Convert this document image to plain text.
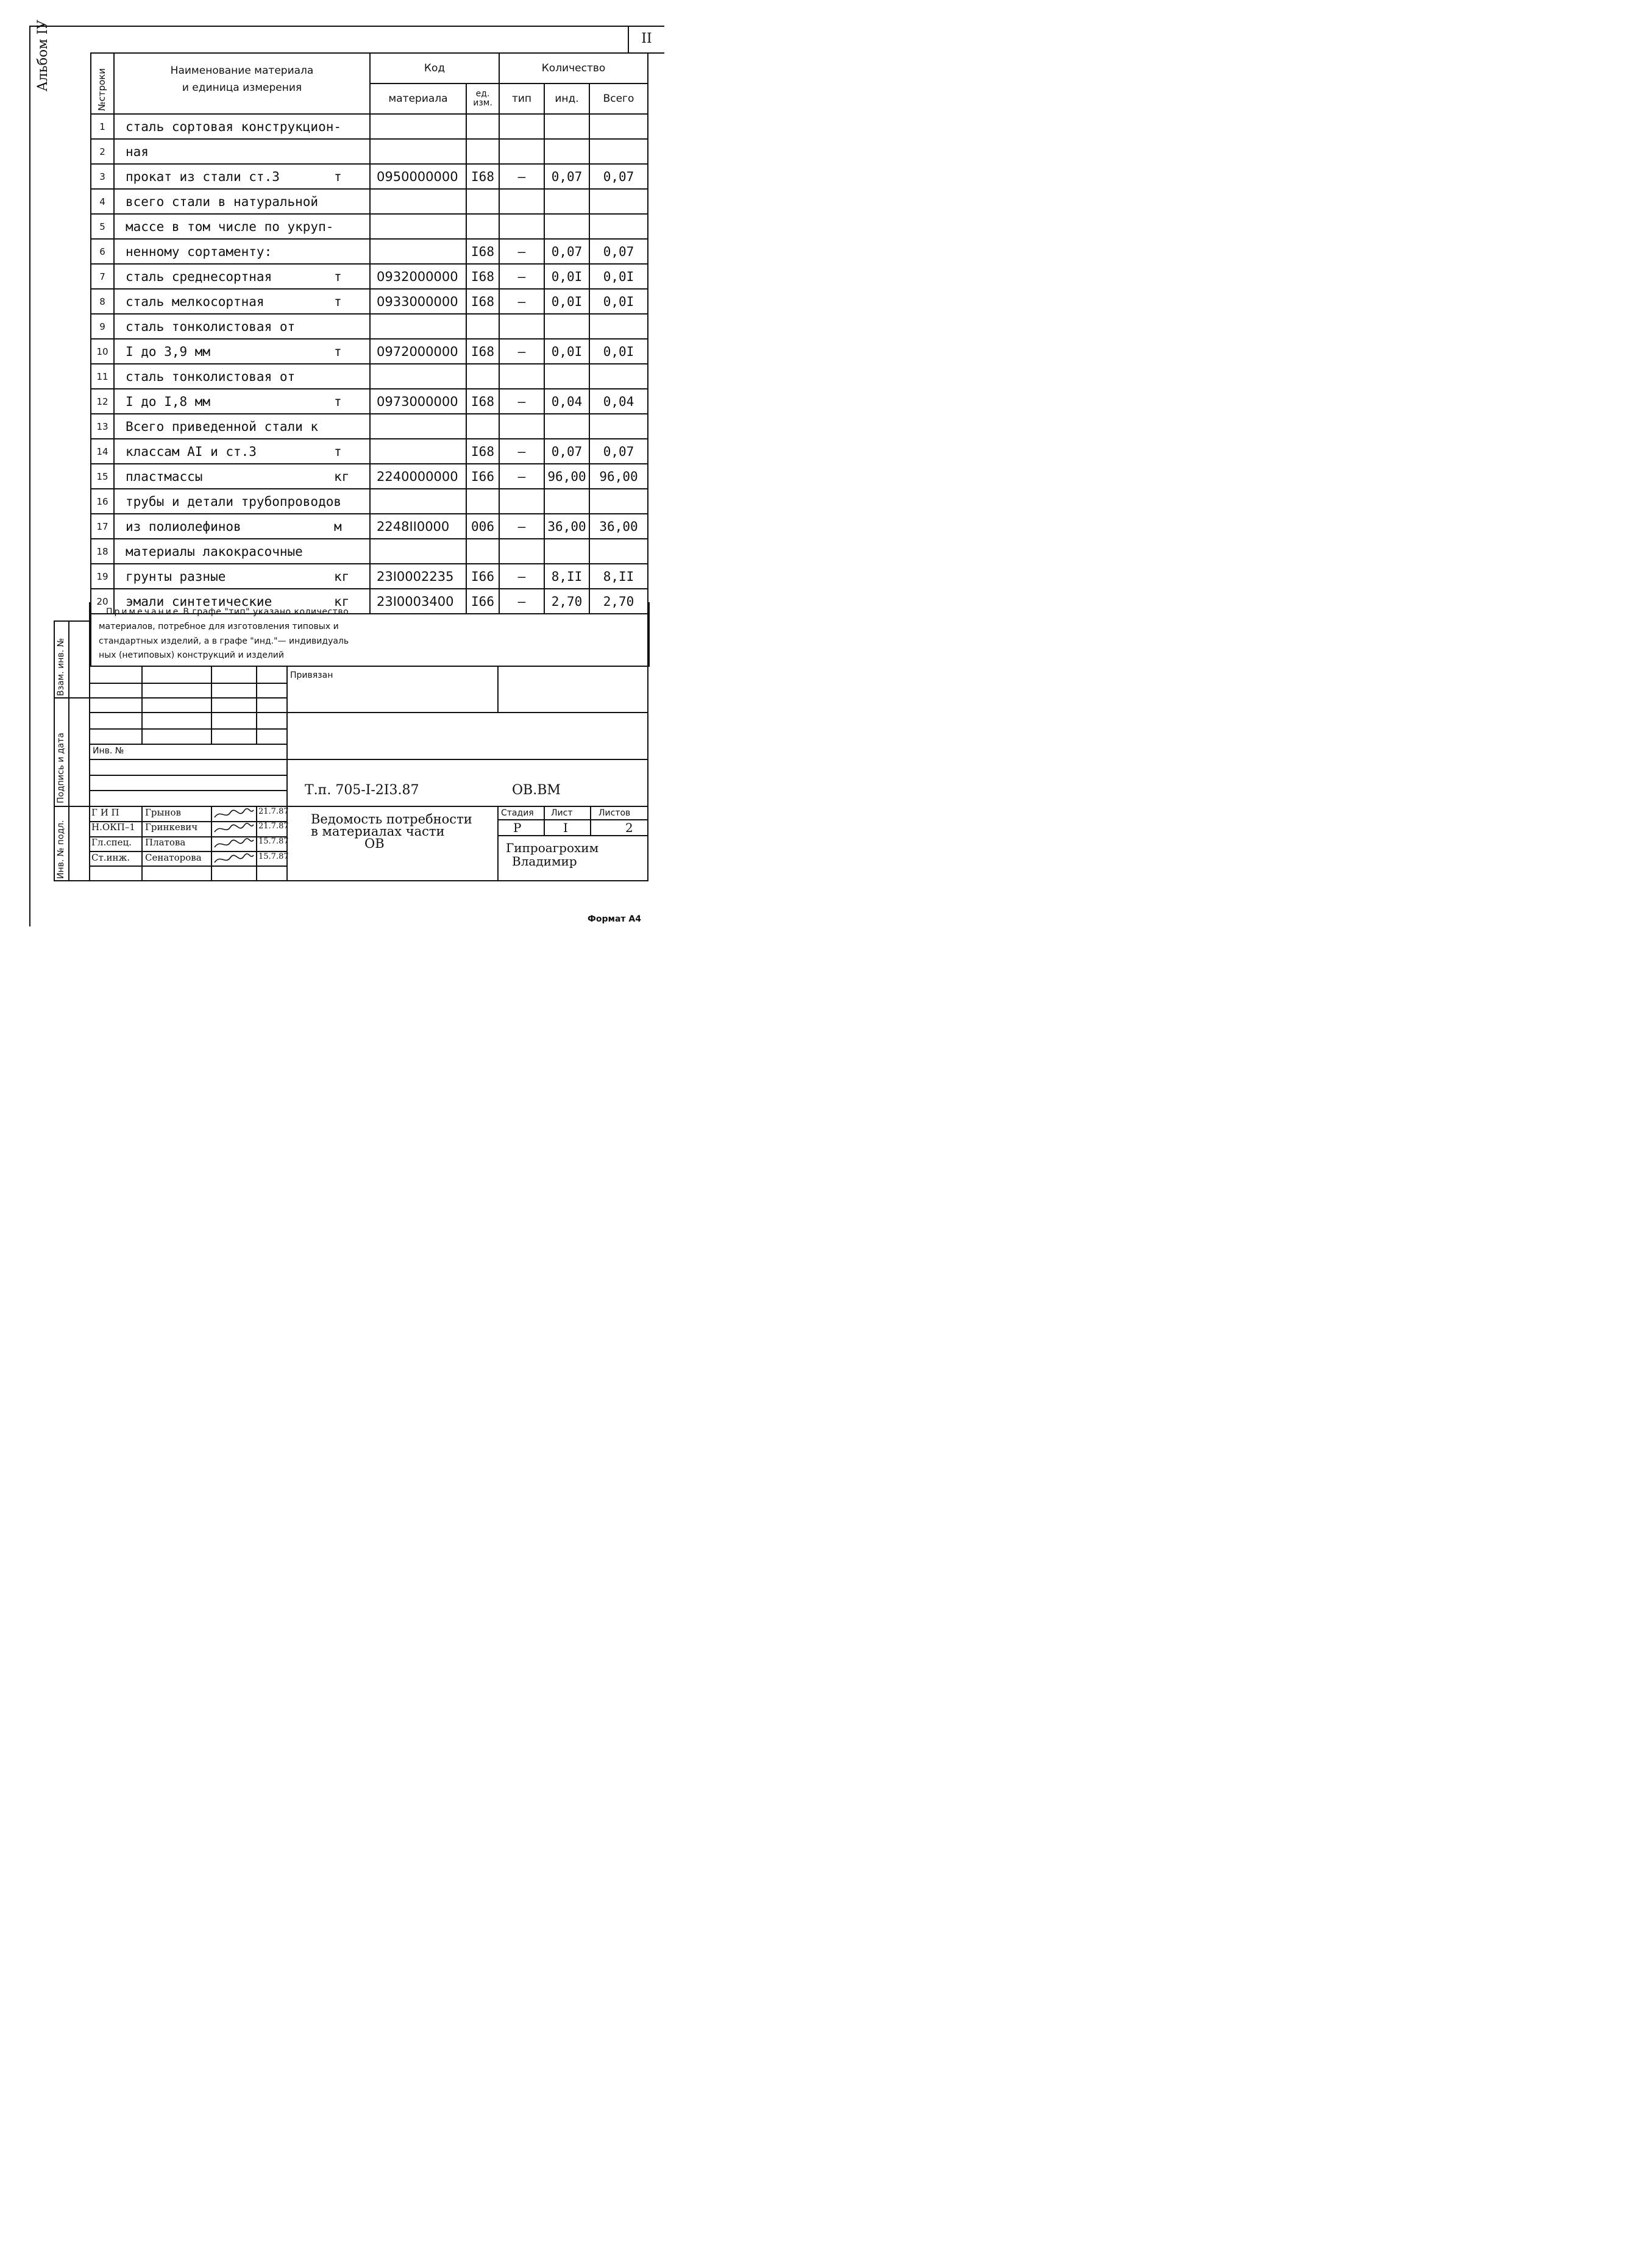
II
Альбом IУ	№строки	Наименование материала
и единица измерения	Код		Количество		
		материала	ед. изм.	тип	инд.	Всего
1	сталь сортовая конструкцион-

2	ная

3	прокат из стали ст.3 т	0950000000	I68	–	0,07	0,07
4	всего стали в натуральной

5	массе в том числе по укруп-

6	ненному сортаменту:		I68	–	0,07	0,07
7	сталь среднесортная т	0932000000	I68	–	0,0I	0,0I
8	сталь мелкосортная т	0933000000	I68	–	0,0I	0,0I
9	сталь тонколистовая от

10	I до 3,9 мм т	0972000000	I68	–	0,0I	0,0I
11	сталь тонколистовая от

12	I до I,8 мм т	0973000000	I68	–	0,04	0,04
13	Всего приведенной стали к

14	классам AI и ст.3 т		I68	–	0,07	0,07
15	пластмассы кг	2240000000	I66	–	96,00	96,00
16	трубы и детали трубопроводов

17	из полиолефинов м	2248II0000	006	–	36,00	36,00
18	материалы лакокрасочные

19	грунты разные кг	23I0002235	I66	–	8,II	8,II
20	эмали синтетические кг	23I0003400	I66	–	2,70	2,70
Примечание В графе "тип" указано количество
материалов, потребное для изготовления типовых и
стандартных изделий, а в графе "инд."— индивидуаль
ных (нетиповых) конструкций и изделий
Взам. инв. №
Подпись и дата
Инв. № подл.
Привязан
Инв. №
Т.п. 705-I-2I3.87	ОВ.ВМ
Ведомость потребности
в материалах части
ОВ
Стадия Лист	Листов
Р	I	2
Гипроагрохим
Владимир
Г И П	Грынов	21.7.87
Н.ОКП–1 Гринкевич	21.7.87
Гл.спец. Платова	15.7.87
Ст.инж. Сенаторова	15.7.87
Формат А4
